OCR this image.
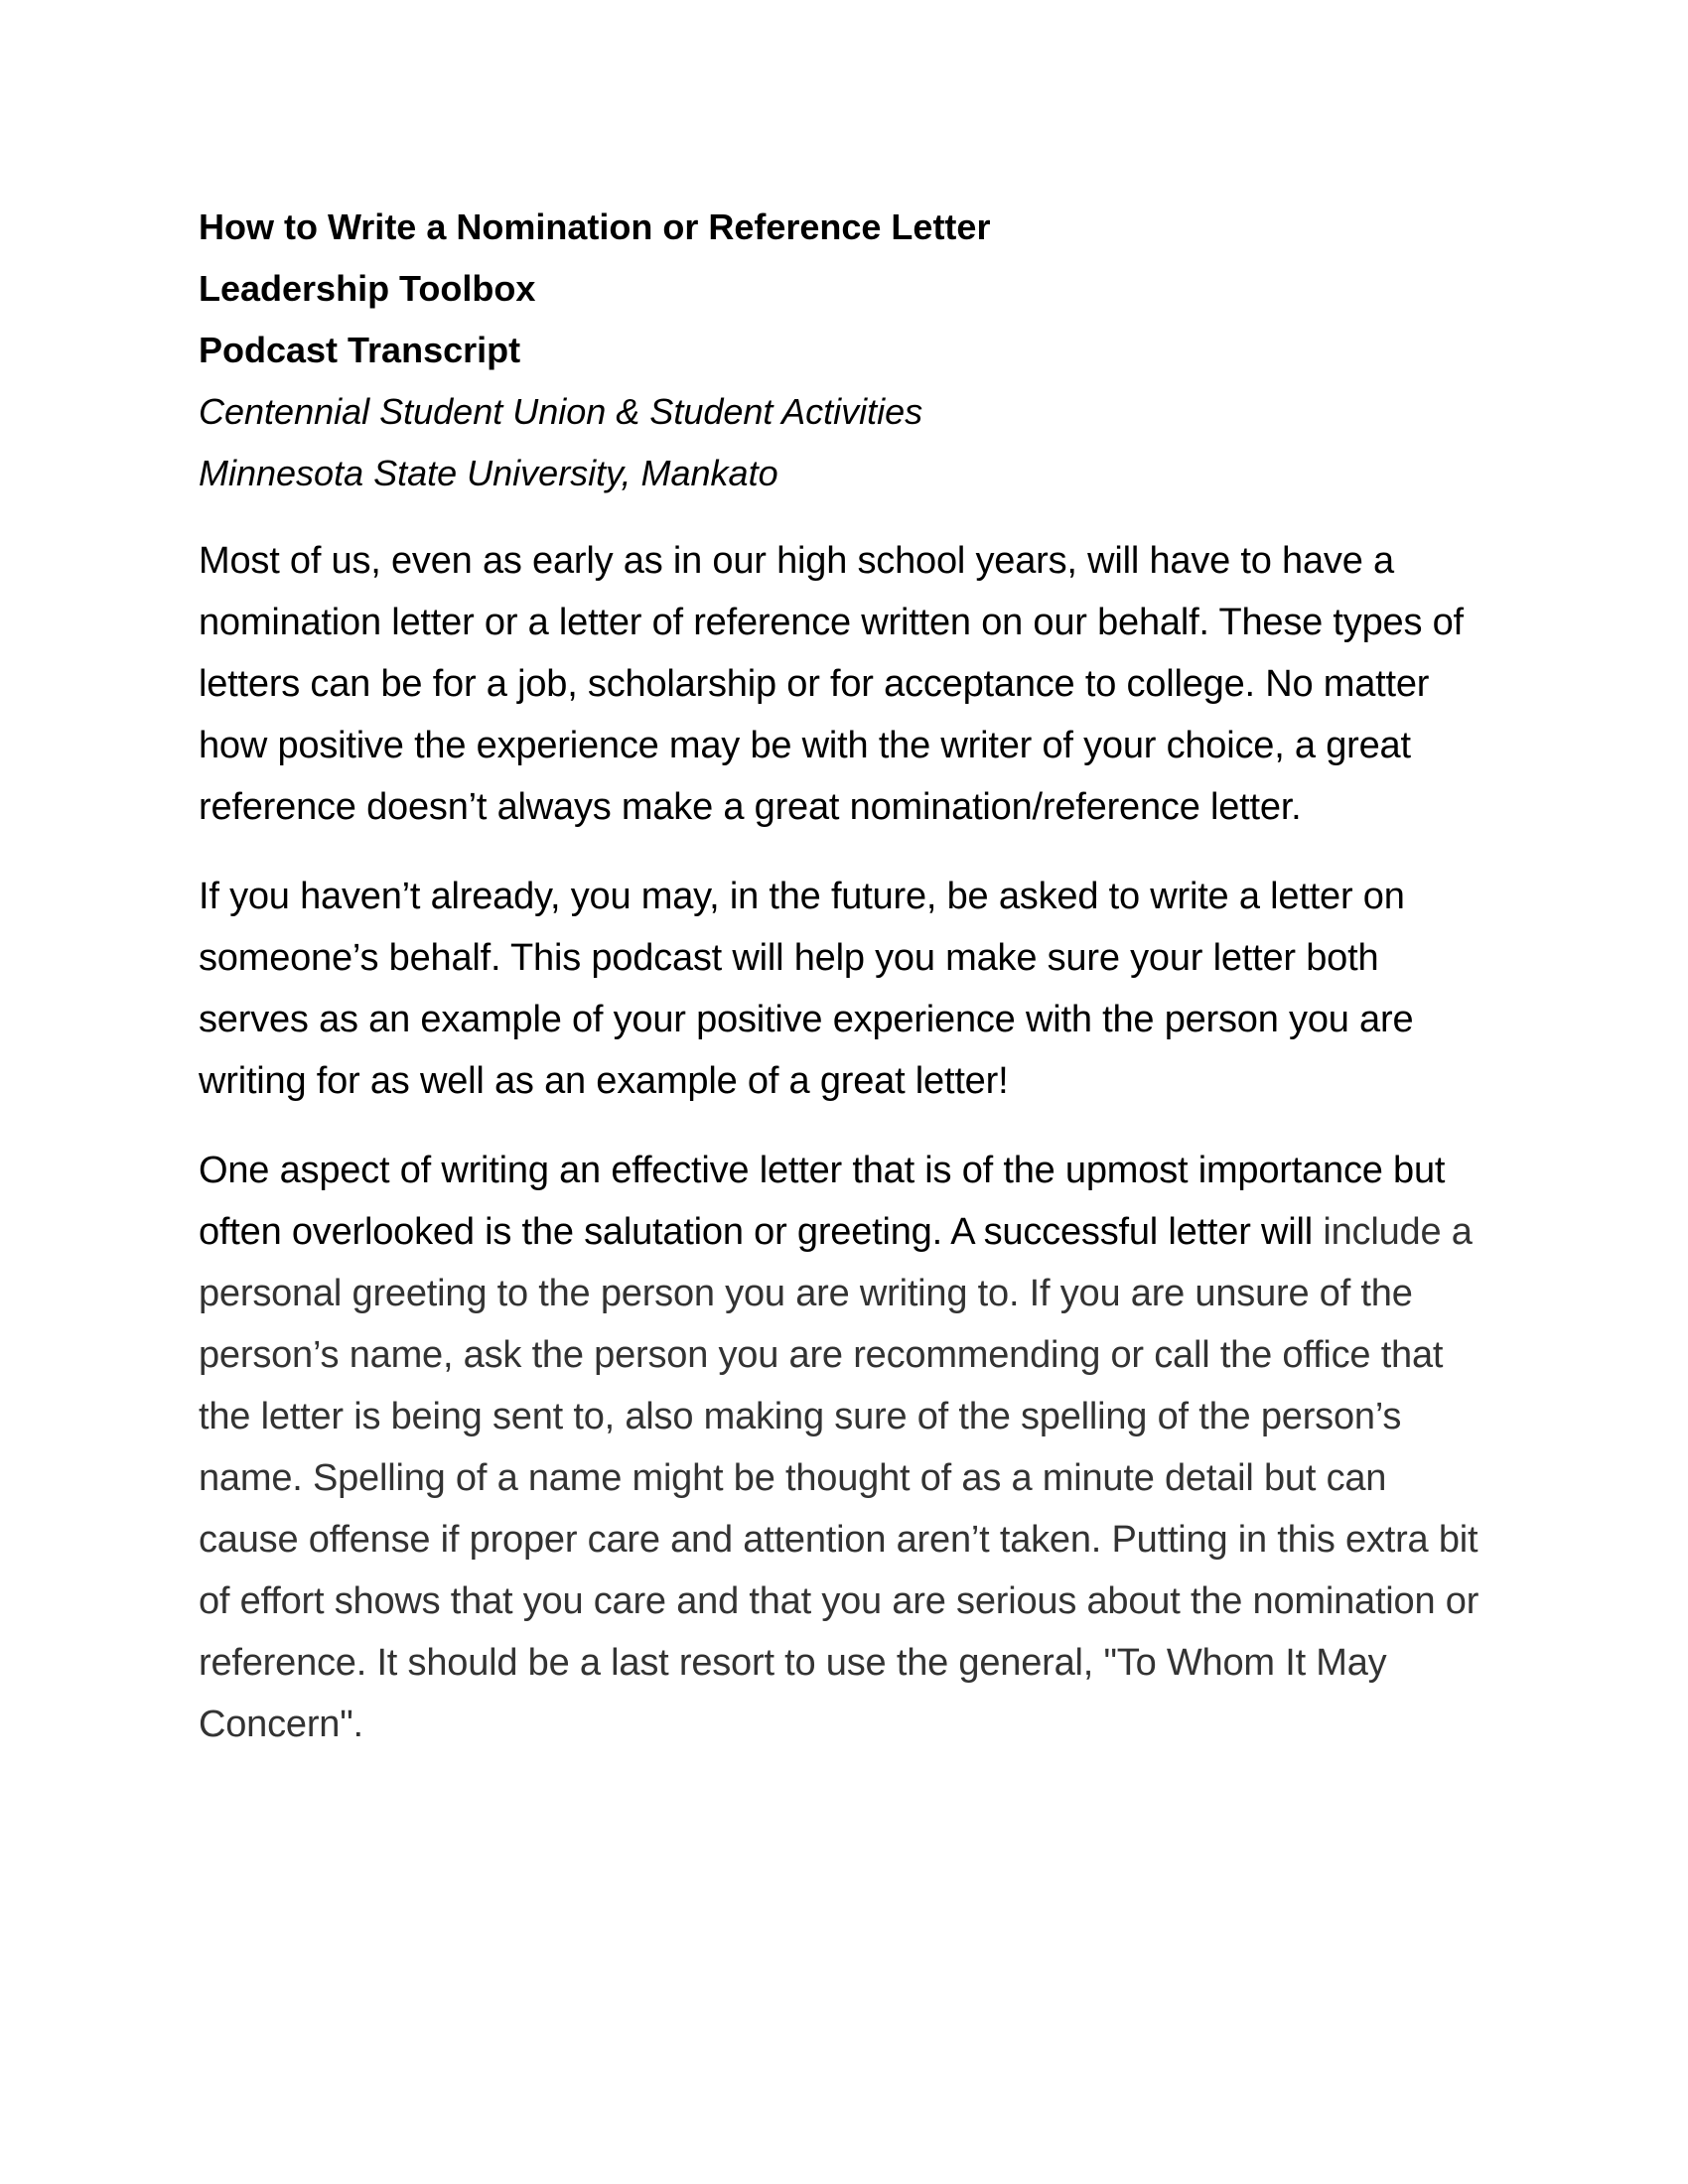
How to Write a Nomination or Reference Letter

Leadership Toolbox

Podcast Transcript

Centennial Student Union & Student Activities

Minnesota State University, Mankato

Most of us, even as early as in our high school years, will have to have a nomination letter or a letter of reference written on our behalf. These types of letters can be for a job, scholarship or for acceptance to college. No matter how positive the experience may be with the writer of your choice, a great reference doesn’t always make a great nomination/reference letter.

If you haven’t already, you may, in the future, be asked to write a letter on someone’s behalf. This podcast will help you make sure your letter both serves as an example of your positive experience with the person you are writing for as well as an example of a great letter!

One aspect of writing an effective letter that is of the upmost importance but often overlooked is the salutation or greeting. A successful letter will include a personal greeting to the person you are writing to. If you are unsure of the person’s name, ask the person you are recommending or call the office that the letter is being sent to, also making sure of the spelling of the person’s name. Spelling of a name might be thought of as a minute detail but can cause offense if proper care and attention aren’t taken. Putting in this extra bit of effort shows that you care and that you are serious about the nomination or reference. It should be a last resort to use the general, "To Whom It May Concern".
